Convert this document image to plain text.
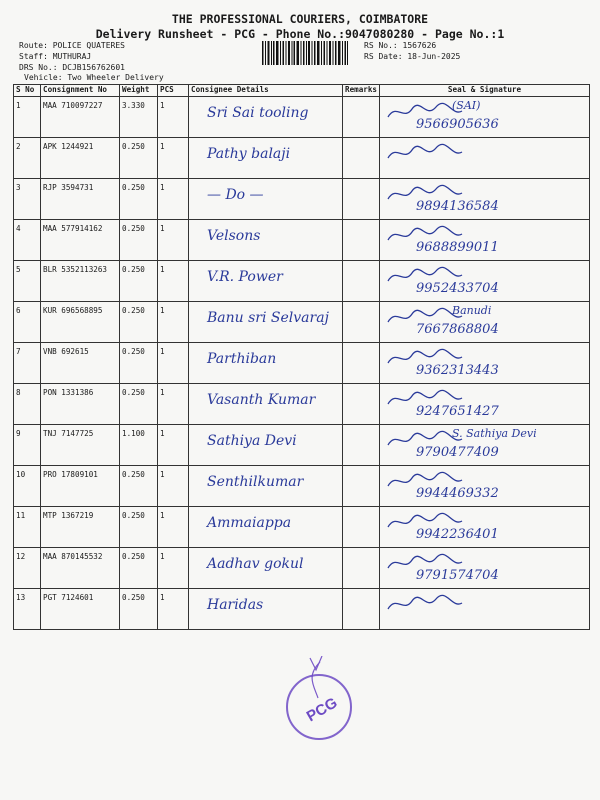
THE PROFESSIONAL COURIERS, COIMBATORE
Delivery Runsheet - PCG - Phone No.:9047080280 - Page No.:1
Route: POLICE QUATERES
Staff: MUTHURAJ
DRS No.: DCJB156762601
Vehicle: Two Wheeler Delivery
RS No.: 1567626
RS Date: 18-Jun-2025
S No	Consignment No	Weight	PCS	Consignee Details	Remarks	Seal & Signature
1	MAA 710097227	3.330	1	Sri Sai tooling		(SAI)
9566905636

2	APK 1244921	0.250	1	Pathy balaji

3	RJP 3594731	0.250	1	— Do —		9894136584

4	MAA 577914162	0.250	1	Velsons		9688899011

5	BLR 5352113263	0.250	1	V.R. Power		9952433704

6	KUR 696568895	0.250	1	Banu sri Selvaraj		Banudi
7667868804

7	VNB 692615	0.250	1	Parthiban		9362313443

8	PON 1331386	0.250	1	Vasanth Kumar		9247651427

9	TNJ 7147725	1.100	1	Sathiya Devi		S. Sathiya Devi
9790477409

10	PRO 17809101	0.250	1	Senthilkumar		9944469332

11	MTP 1367219	0.250	1	Ammaiappa		9942236401

12	MAA 870145532	0.250	1	Aadhav gokul		9791574704

13	PGT 7124601	0.250	1	Haridas

PCG
